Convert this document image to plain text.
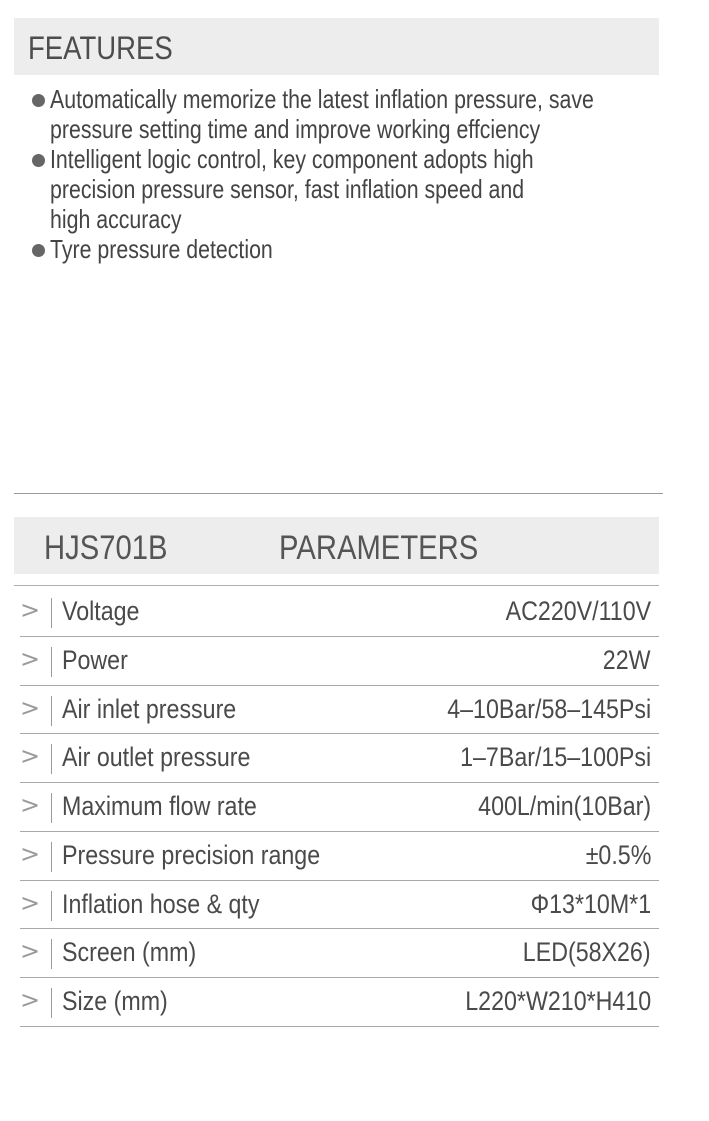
FEATURES
Automatically memorize the latest inflation pressure, save
pressure setting time and improve working effciency
Intelligent logic control, key component adopts high
precision pressure sensor, fast inflation speed and
high accuracy
Tyre pressure detection
HJS701B	PARAMETERS
> Voltage	AC220V/110V
> Power	22W
> Air inlet pressure	4–10Bar/58–145Psi
> Air outlet pressure	1–7Bar/15–100Psi
> Maximum flow rate	400L/min(10Bar)
> Pressure precision range	±0.5%
> Inflation hose & qty	Φ13*10M*1
> Screen (mm)	LED(58X26)
> Size (mm)	L220*W210*H410
